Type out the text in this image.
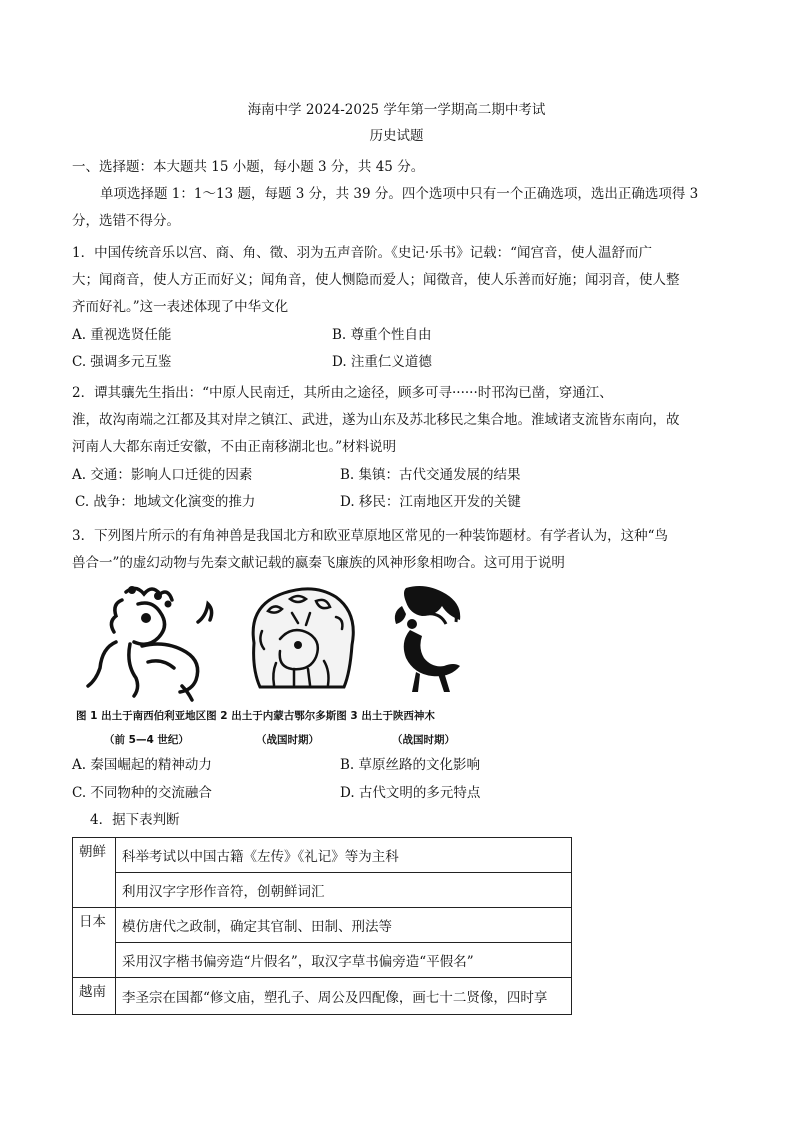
海南中学 2024-2025 学年第一学期高二期中考试
历史试题
一、选择题：本大题共 15 小题，每小题 3 分，共 45 分。
单项选择题 1：1～13 题，每题 3 分，共 39 分。四个选项中只有一个正确选项，选出正确选项得 3
分，选错不得分。
1．中国传统音乐以宫、商、角、徵、羽为五声音阶。《史记·乐书》记载：“闻宫音，使人温舒而广
大；闻商音，使人方正而好义；闻角音，使人恻隐而爱人；闻徵音，使人乐善而好施；闻羽音，使人整
齐而好礼。”这一表述体现了中华文化
A. 重视选贤任能	B. 尊重个性自由
C. 强调多元互鉴	D. 注重仁义道德
2．谭其骧先生指出：“中原人民南迁，其所由之途径，顾多可寻······时邗沟已凿，穿通江、
淮，故沟南端之江都及其对岸之镇江、武进，遂为山东及苏北移民之集合地。淮域诸支流皆东南向，故
河南人大都东南迁安徽，不由正南移湖北也。”材料说明
A. 交通：影响人口迁徙的因素	B. 集镇：古代交通发展的结果
C. 战争：地域文化演变的推力	D. 移民：江南地区开发的关键
3．下列图片所示的有角神兽是我国北方和欧亚草原地区常见的一种装饰题材。有学者认为，这种“鸟
兽合一”的虚幻动物与先秦文献记载的嬴秦飞廉族的风神形象相吻合。这可用于说明
图 1 出土于南西伯利亚地区图 2 出土于内蒙古鄂尔多斯图 3 出土于陕西神木
（前 5—4 世纪）	（战国时期）	（战国时期）
A. 秦国崛起的精神动力	B. 草原丝路的文化影响
C. 不同物种的交流融合	D. 古代文明的多元特点
4．据下表判断
朝鲜	科举考试以中国古籍《左传》《礼记》等为主科
	利用汉字字形作音符，创朝鲜词汇
日本	模仿唐代之政制，确定其官制、田制、刑法等
	采用汉字楷书偏旁造“片假名”，取汉字草书偏旁造“平假名”
越南	李圣宗在国都“修文庙，塑孔子、周公及四配像，画七十二贤像，四时享
